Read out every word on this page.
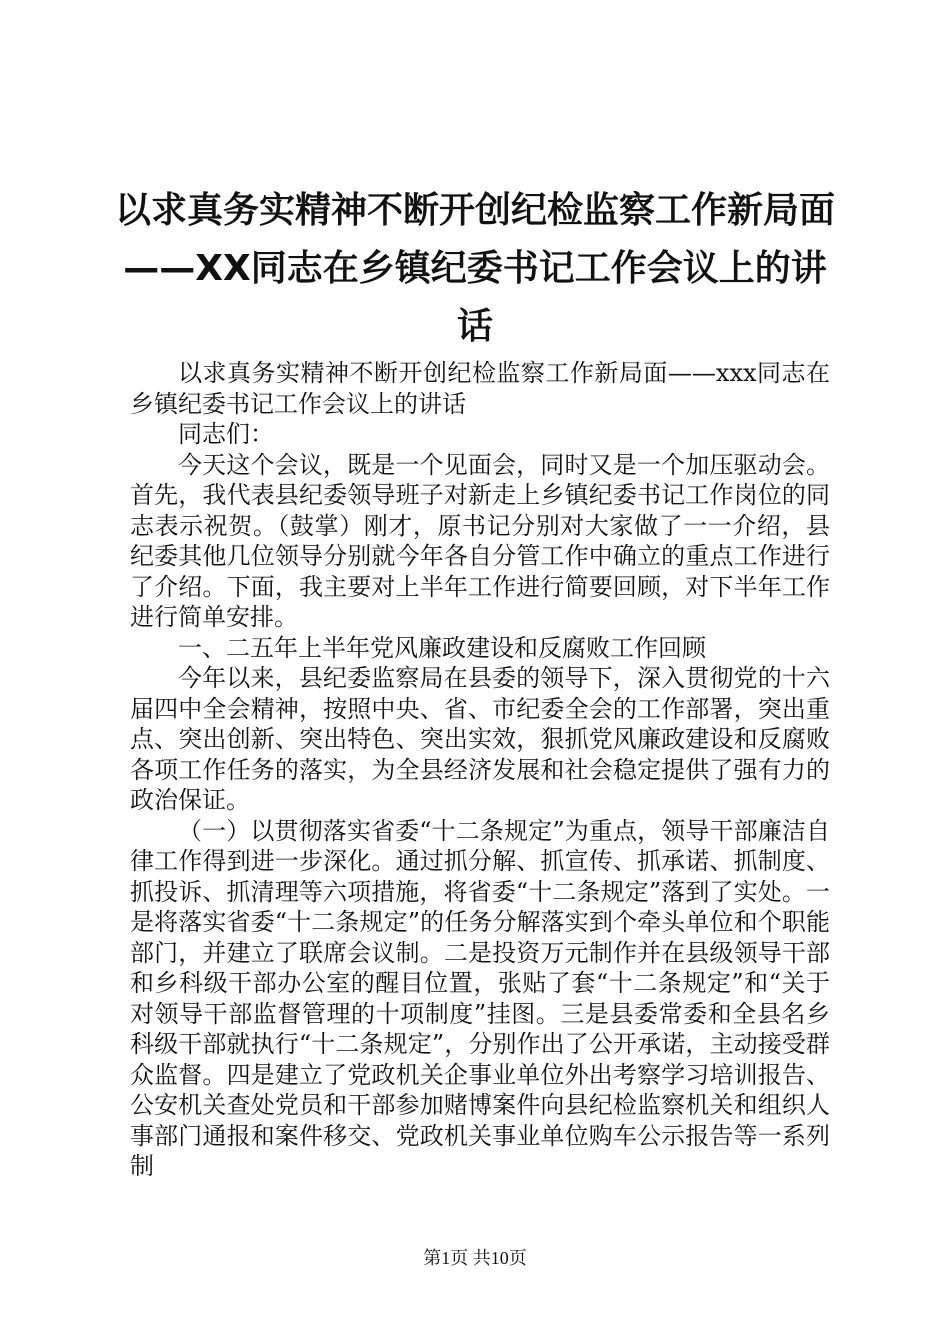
以求真务实精神不断开创纪检监察工作新局面
——XX同志在乡镇纪委书记工作会议上的讲
话

以求真务实精神不断开创纪检监察工作新局面——xxx同志在乡镇纪委书记工作会议上的讲话

同志们：

今天这个会议，既是一个见面会，同时又是一个加压驱动会。首先，我代表县纪委领导班子对新走上乡镇纪委书记工作岗位的同志表示祝贺。（鼓掌）刚才，原书记分别对大家做了一一介绍，县纪委其他几位领导分别就今年各自分管工作中确立的重点工作进行了介绍。下面，我主要对上半年工作进行简要回顾，对下半年工作进行简单安排。

一、二五年上半年党风廉政建设和反腐败工作回顾

今年以来，县纪委监察局在县委的领导下，深入贯彻党的十六届四中全会精神，按照中央、省、市纪委全会的工作部署，突出重点、突出创新、突出特色、突出实效，狠抓党风廉政建设和反腐败各项工作任务的落实，为全县经济发展和社会稳定提供了强有力的政治保证。

（一）以贯彻落实省委“十二条规定”为重点，领导干部廉洁自律工作得到进一步深化。通过抓分解、抓宣传、抓承诺、抓制度、抓投诉、抓清理等六项措施，将省委“十二条规定”落到了实处。一是将落实省委“十二条规定”的任务分解落实到个牵头单位和个职能部门，并建立了联席会议制。二是投资万元制作并在县级领导干部和乡科级干部办公室的醒目位置，张贴了套“十二条规定”和“关于对领导干部监督管理的十项制度”挂图。三是县委常委和全县名乡科级干部就执行“十二条规定”，分别作出了公开承诺，主动接受群众监督。四是建立了党政机关企事业单位外出考察学习培训报告、公安机关查处党员和干部参加赌博案件向县纪检监察机关和组织人事部门通报和案件移交、党政机关事业单位购车公示报告等一系列制

第1页 共10页
